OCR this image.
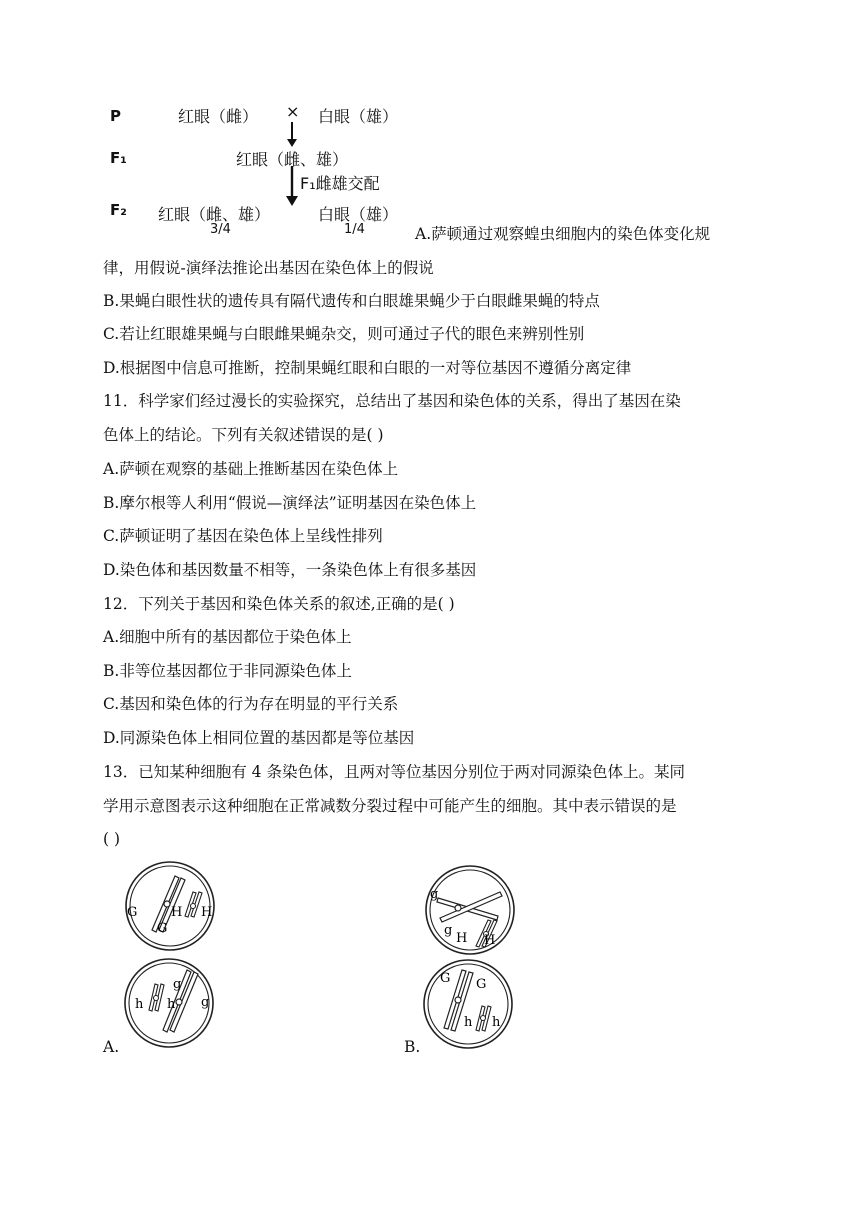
P	红眼（雌） × 白眼（雄）
F₁	红眼（雌、雄）
F₁雌雄交配
F₂ 红眼（雌、雄）	白眼（雄）
3/4	1/4	A.萨顿通过观察蝗虫细胞内的染色体变化规
律，用假说-演绎法推论出基因在染色体上的假说
B.果蝇白眼性状的遗传具有隔代遗传和白眼雄果蝇少于白眼雌果蝇的特点
C.若让红眼雄果蝇与白眼雌果蝇杂交，则可通过子代的眼色来辨别性别
D.根据图中信息可推断，控制果蝇红眼和白眼的一对等位基因不遵循分离定律
11．科学家们经过漫长的实验探究，总结出了基因和染色体的关系，得出了基因在染
色体上的结论。下列有关叙述错误的是( )
A.萨顿在观察的基础上推断基因在染色体上
B.摩尔根等人利用“假说—演绎法”证明基因在染色体上
C.萨顿证明了基因在染色体上呈线性排列
D.染色体和基因数量不相等，一条染色体上有很多基因
12．下列关于基因和染色体关系的叙述,正确的是( )
A.细胞中所有的基因都位于染色体上
B.非等位基因都位于非同源染色体上
C.基因和染色体的行为存在明显的平行关系
D.同源染色体上相同位置的基因都是等位基因
13．已知某种细胞有 4 条染色体，且两对等位基因分别位于两对同源染色体上。某同
学用示意图表示这种细胞在正常减数分裂过程中可能产生的细胞。其中表示错误的是
( )
G
G
H H
h h
g
g
A.
g
g
H H
G G
h h
B.
